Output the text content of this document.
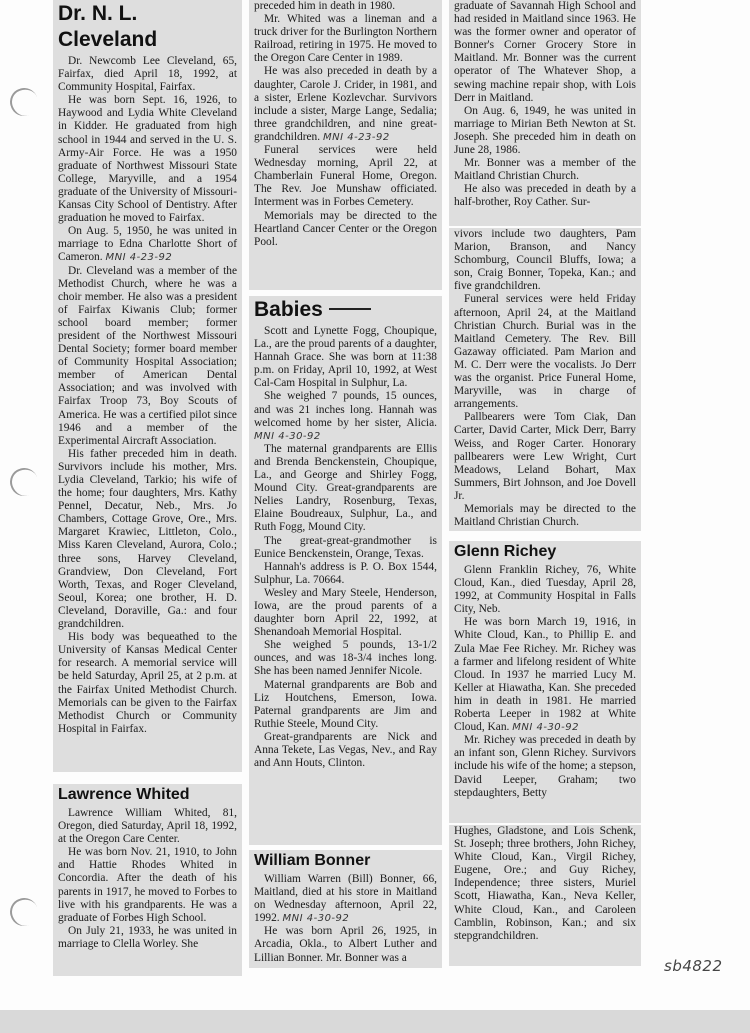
Dr. N. L. Cleveland

Dr. Newcomb Lee Cleveland, 65, Fairfax, died April 18, 1992, at Community Hospital, Fairfax.

He was born Sept. 16, 1926, to Haywood and Lydia White Cleveland in Kidder. He graduated from high school in 1944 and served in the U. S. Army-Air Force. He was a 1950 graduate of Northwest Missouri State College, Maryville, and a 1954 graduate of the University of Missouri-Kansas City School of Dentistry. After graduation he moved to Fairfax.

On Aug. 5, 1950, he was united in marriage to Edna Charlotte Short of Cameron. MNI 4-23-92

Dr. Cleveland was a member of the Methodist Church, where he was a choir member. He also was a president of Fairfax Kiwanis Club; former school board member; former president of the Northwest Missouri Dental Society; former board member of Community Hospital Association; member of American Dental Association; and was involved with Fairfax Troop 73, Boy Scouts of America. He was a certified pilot since 1946 and a member of the Experimental Aircraft Association.

His father preceded him in death. Survivors include his mother, Mrs. Lydia Cleveland, Tarkio; his wife of the home; four daughters, Mrs. Kathy Pennel, Decatur, Neb., Mrs. Jo Chambers, Cottage Grove, Ore., Mrs. Margaret Krawiec, Littleton, Colo., Miss Karen Cleveland, Aurora, Colo.; three sons, Harvey Cleveland, Grandview, Don Cleveland, Fort Worth, Texas, and Roger Cleveland, Seoul, Korea; one brother, H. D. Cleveland, Doraville, Ga.: and four grandchildren.

His body was bequeathed to the University of Kansas Medical Center for research. A memorial service will be held Saturday, April 25, at 2 p.m. at the Fairfax United Methodist Church. Memorials can be given to the Fairfax Methodist Church or Community Hospital in Fairfax.

Lawrence Whited

Lawrence William Whited, 81, Oregon, died Saturday, April 18, 1992, at the Oregon Care Center.

He was born Nov. 21, 1910, to John and Hattie Rhodes Whited in Concordia. After the death of his parents in 1917, he moved to Forbes to live with his grandparents. He was a graduate of Forbes High School.

On July 21, 1933, he was united in marriage to Clella Worley. She

preceded him in death in 1980.

Mr. Whited was a lineman and a truck driver for the Burlington Northern Railroad, retiring in 1975. He moved to the Oregon Care Center in 1989.

He was also preceded in death by a daughter, Carole J. Crider, in 1981, and a sister, Erlene Kozlevchar. Survivors include a sister, Marge Lange, Sedalia; three grandchildren, and nine great-grandchildren. MNI 4-23-92

Funeral services were held Wednesday morning, April 22, at Chamberlain Funeral Home, Oregon. The Rev. Joe Munshaw officiated. Interment was in Forbes Cemetery.

Memorials may be directed to the Heartland Cancer Center or the Oregon Pool.

Babies

Scott and Lynette Fogg, Choupique, La., are the proud parents of a daughter, Hannah Grace. She was born at 11:38 p.m. on Friday, April 10, 1992, at West Cal-Cam Hospital in Sulphur, La.

She weighed 7 pounds, 15 ounces, and was 21 inches long. Hannah was welcomed home by her sister, Alicia. MNI 4-30-92

The maternal grandparents are Ellis and Brenda Benckenstein, Choupique, La., and George and Shirley Fogg, Mound City. Great-grandparents are Nelies Landry, Rosenburg, Texas, Elaine Boudreaux, Sulphur, La., and Ruth Fogg, Mound City.

The great-great-grandmother is Eunice Benckenstein, Orange, Texas.

Hannah's address is P. O. Box 1544, Sulphur, La. 70664.

Wesley and Mary Steele, Henderson, Iowa, are the proud parents of a daughter born April 22, 1992, at Shenandoah Memorial Hospital.

She weighed 5 pounds, 13-1/2 ounces, and was 18-3/4 inches long. She has been named Jennifer Nicole.

Maternal grandparents are Bob and Liz Houtchens, Emerson, Iowa. Paternal grandparents are Jim and Ruthie Steele, Mound City.

Great-grandparents are Nick and Anna Tekete, Las Vegas, Nev., and Ray and Ann Houts, Clinton.

William Bonner

William Warren (Bill) Bonner, 66, Maitland, died at his store in Maitland on Wednesday afternoon, April 22, 1992. MNI 4-30-92

He was born April 26, 1925, in Arcadia, Okla., to Albert Luther and Lillian Bonner. Mr. Bonner was a

graduate of Savannah High School and had resided in Maitland since 1963. He was the former owner and operator of Bonner's Corner Grocery Store in Maitland. Mr. Bonner was the current operator of The Whatever Shop, a sewing machine repair shop, with Lois Derr in Maitland.

On Aug. 6, 1949, he was united in marriage to Mirian Beth Newton at St. Joseph. She preceded him in death on June 28, 1986.

Mr. Bonner was a member of the Maitland Christian Church.

He also was preceded in death by a half-brother, Roy Cather. Sur-

vivors include two daughters, Pam Marion, Branson, and Nancy Schomburg, Council Bluffs, Iowa; a son, Craig Bonner, Topeka, Kan.; and five grandchildren.

Funeral services were held Friday afternoon, April 24, at the Maitland Christian Church. Burial was in the Maitland Cemetery. The Rev. Bill Gazaway officiated. Pam Marion and M. C. Derr were the vocalists. Jo Derr was the organist. Price Funeral Home, Maryville, was in charge of arrangements.

Pallbearers were Tom Ciak, Dan Carter, David Carter, Mick Derr, Barry Weiss, and Roger Carter. Honorary pallbearers were Lew Wright, Curt Meadows, Leland Bohart, Max Summers, Birt Johnson, and Joe Dovell Jr.

Memorials may be directed to the Maitland Christian Church.

Glenn Richey

Glenn Franklin Richey, 76, White Cloud, Kan., died Tuesday, April 28, 1992, at Community Hospital in Falls City, Neb.

He was born March 19, 1916, in White Cloud, Kan., to Phillip E. and Zula Mae Fee Richey. Mr. Richey was a farmer and lifelong resident of White Cloud. In 1937 he married Lucy M. Keller at Hiawatha, Kan. She preceded him in death in 1981. He married Roberta Leeper in 1982 at White Cloud, Kan. MNI 4-30-92

Mr. Richey was preceded in death by an infant son, Glenn Richey. Survivors include his wife of the home; a stepson, David Leeper, Graham; two stepdaughters, Betty

Hughes, Gladstone, and Lois Schenk, St. Joseph; three brothers, John Richey, White Cloud, Kan., Virgil Richey, Eugene, Ore.; and Guy Richey, Independence; three sisters, Muriel Scott, Hiawatha, Kan., Neva Keller, White Cloud, Kan., and Caroleen Camblin, Robinson, Kan.; and six stepgrandchildren.

sb4822
